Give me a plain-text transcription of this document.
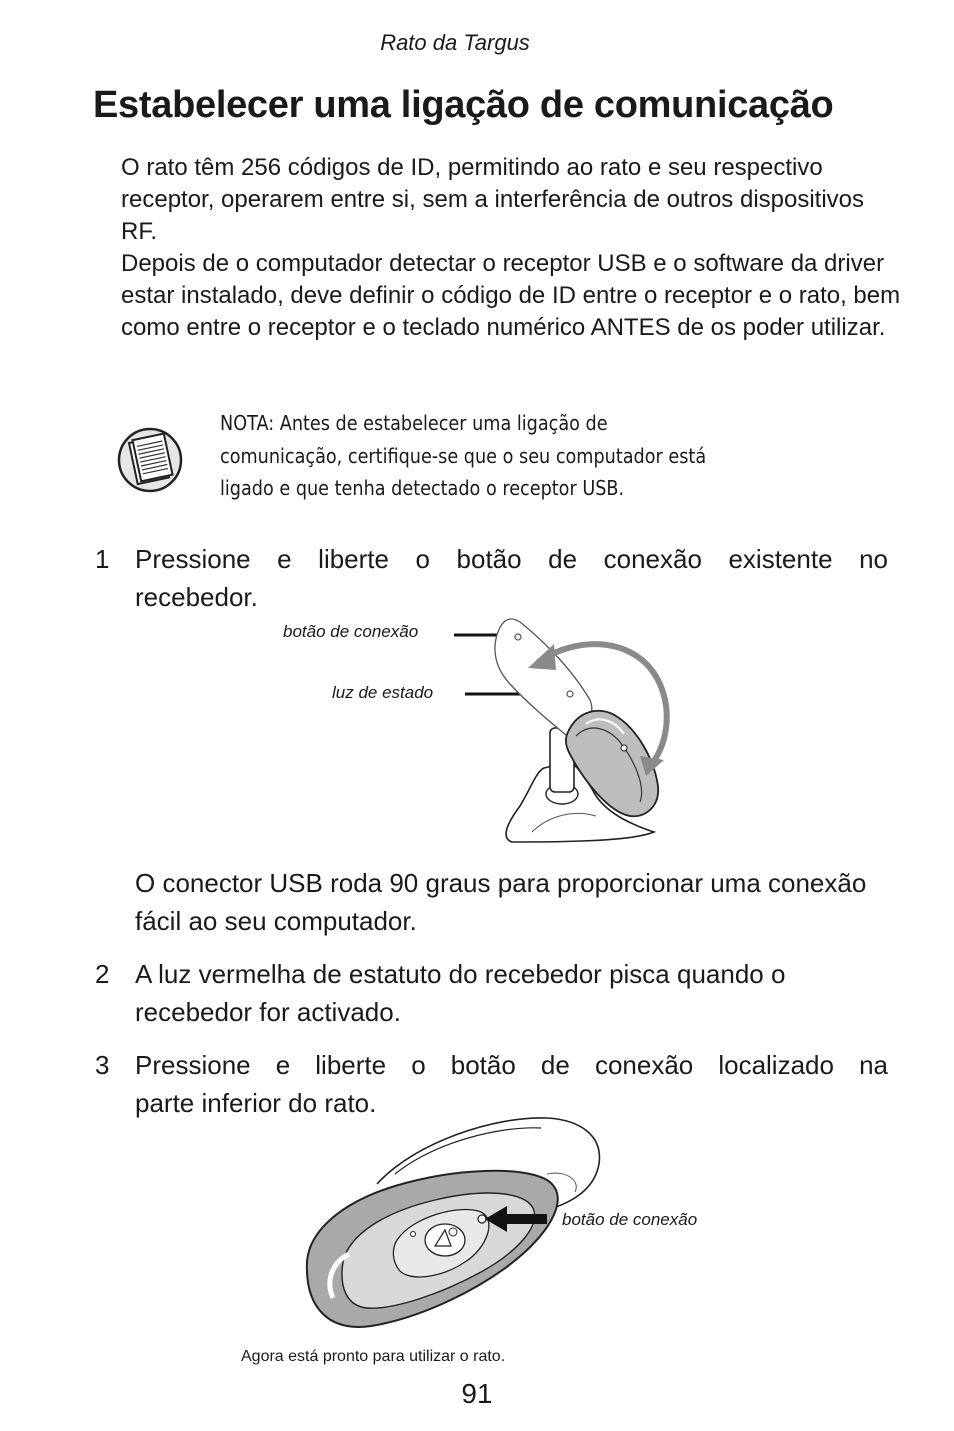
Rato da Targus
Estabelecer uma ligação de comunicação

O rato têm 256 códigos de ID, permitindo ao rato e seu respectivo receptor, operarem entre si, sem a interferência de outros dispositivos RF.

Depois de o computador detectar o receptor USB e o software da driver estar instalado, deve definir o código de ID entre o receptor e o rato, bem como entre o receptor e o teclado numérico ANTES de os poder utilizar.

NOTA: Antes de estabelecer uma ligação de
comunicação, certifique-se que o seu computador está
ligado e que tenha detectado o receptor USB.
1 Pressione e liberte o botão de conexão existente no
recebedor.
botão de conexão
luz de estado
O conector USB roda 90 graus para proporcionar uma conexão fácil ao seu computador.
2 A luz vermelha de estatuto do recebedor pisca quando o recebedor for activado.
3 Pressione e liberte o botão de conexão localizado na
parte inferior do rato.
botão de conexão
Agora está pronto para utilizar o rato.
91
